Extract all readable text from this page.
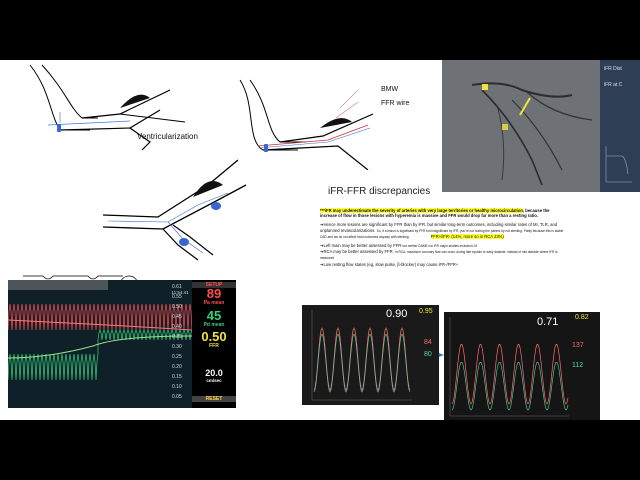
Ventricularization
BMW
FFR wire
iFR Dist
iFR at C
iFR-FFR discrepancies
***iFR may underestimate the severity of arteries with very large territories or healthy microcirculation, because the increase of flow in those lesions with hyperemia is massive and FFR would drop far more than a resting ratio.
➔Hence more lesions are significant by FFR than by iFR, but similar long-term outcomes, including similar rates of MI, TLR, and unplanned revascularizations. So, if a lesion is significant by FFR but insignificant by iFR, you're not hurting the patient by not stenting. Partly because this is stable CAD and we do not affect hard outcomes anyway with stenting.	FFR+/iFR- (14%, more so in RCA 23%)
➔Left main may be better assessed by FFR but neither DAME nor iFR major studies included LM
➔RCA may be better assessed by FFR. In RCA, maximum coronary flow can occur during late systole or early diastole, instead of mid diastole where iFR is measured
➔Low resting flow states (eg, slow pulse, β-blocker) may cause iFR-/FFR+
0.61
0.55
0.50
0.45
0.40
0.35
0.30
0.25
0.20
0.15
0.10
0.05
SETUP
11:54:41	89
Pa mean
45
Pd mean
0.50
FFR
20.0
cm/sec
RESET
0.90 0.95
84
80
0.71 0.82
137
112
